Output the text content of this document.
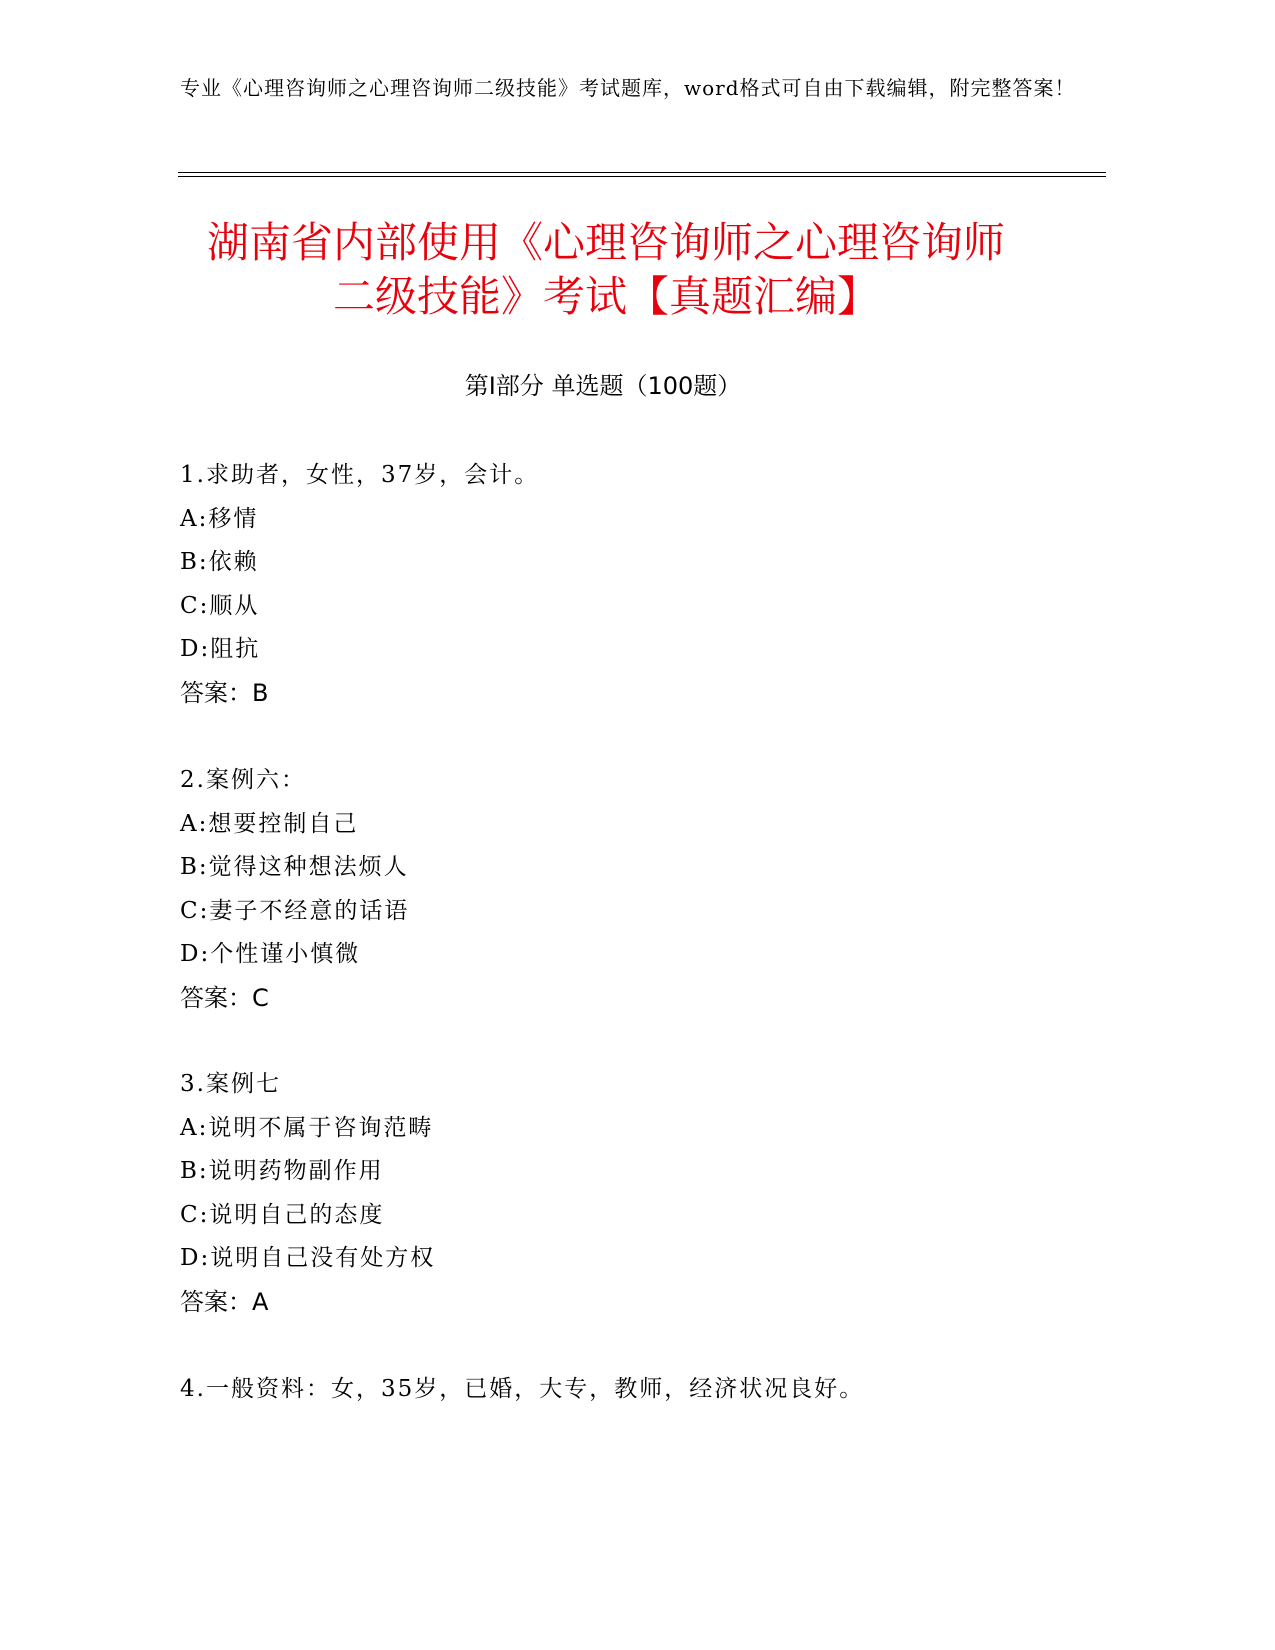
专业《心理咨询师之心理咨询师二级技能》考试题库，word格式可自由下载编辑，附完整答案！
湖南省内部使用《心理咨询师之心理咨询师
二级技能》考试【真题汇编】
第Ⅰ部分 单选题（100题）
1.求助者，女性，37岁，会计。
A:移情
B:依赖
C:顺从
D:阻抗
答案：B
2.案例六：
A:想要控制自己
B:觉得这种想法烦人
C:妻子不经意的话语
D:个性谨小慎微
答案：C
3.案例七
A:说明不属于咨询范畴
B:说明药物副作用
C:说明自己的态度
D:说明自己没有处方权
答案：A
4.一般资料：女，35岁，已婚，大专，教师，经济状况良好。
